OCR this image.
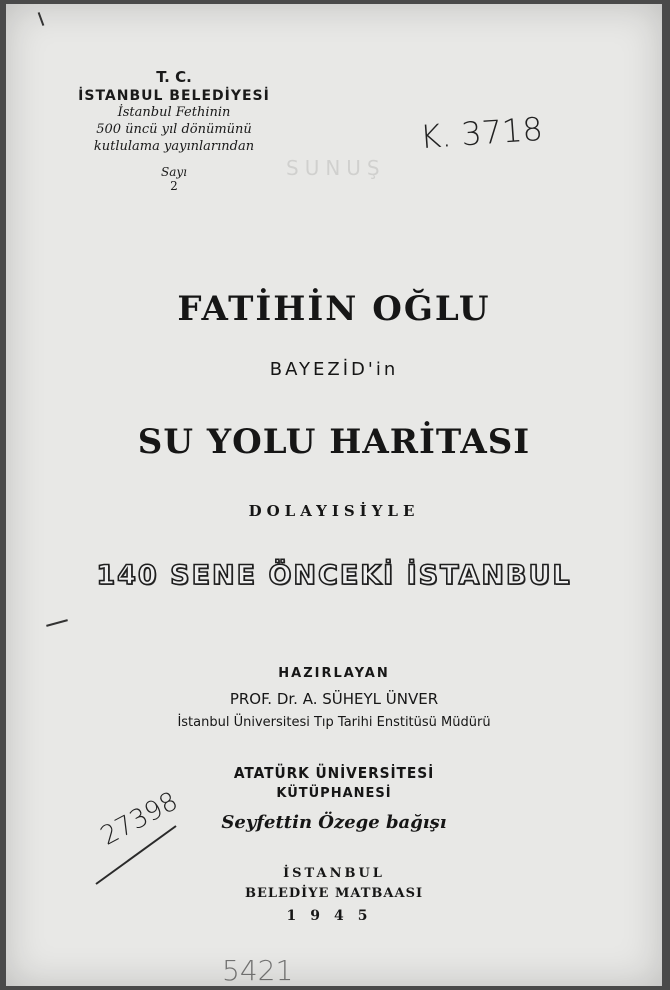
SUNUŞ
T. C.
İSTANBUL BELEDİYESİ
İstanbul Fethinin
500 üncü yıl dönümünü
kutlulama yayınlarından
Sayı
2
K. 3718
FATİHİN OĞLU
BAYEZİD'in
SU YOLU HARİTASI
DOLAYISİYLE
140 SENE ÖNCEKİ İSTANBUL
HAZIRLAYAN
PROF. Dr. A. SÜHEYL ÜNVER
İstanbul Üniversitesi Tıp Tarihi Enstitüsü Müdürü
ATATÜRK ÜNİVERSİTESİ
KÜTÜPHANESİ
Seyfettin Özege bağışı
27398
İSTANBUL
BELEDİYE MATBAASI
1945
5421
